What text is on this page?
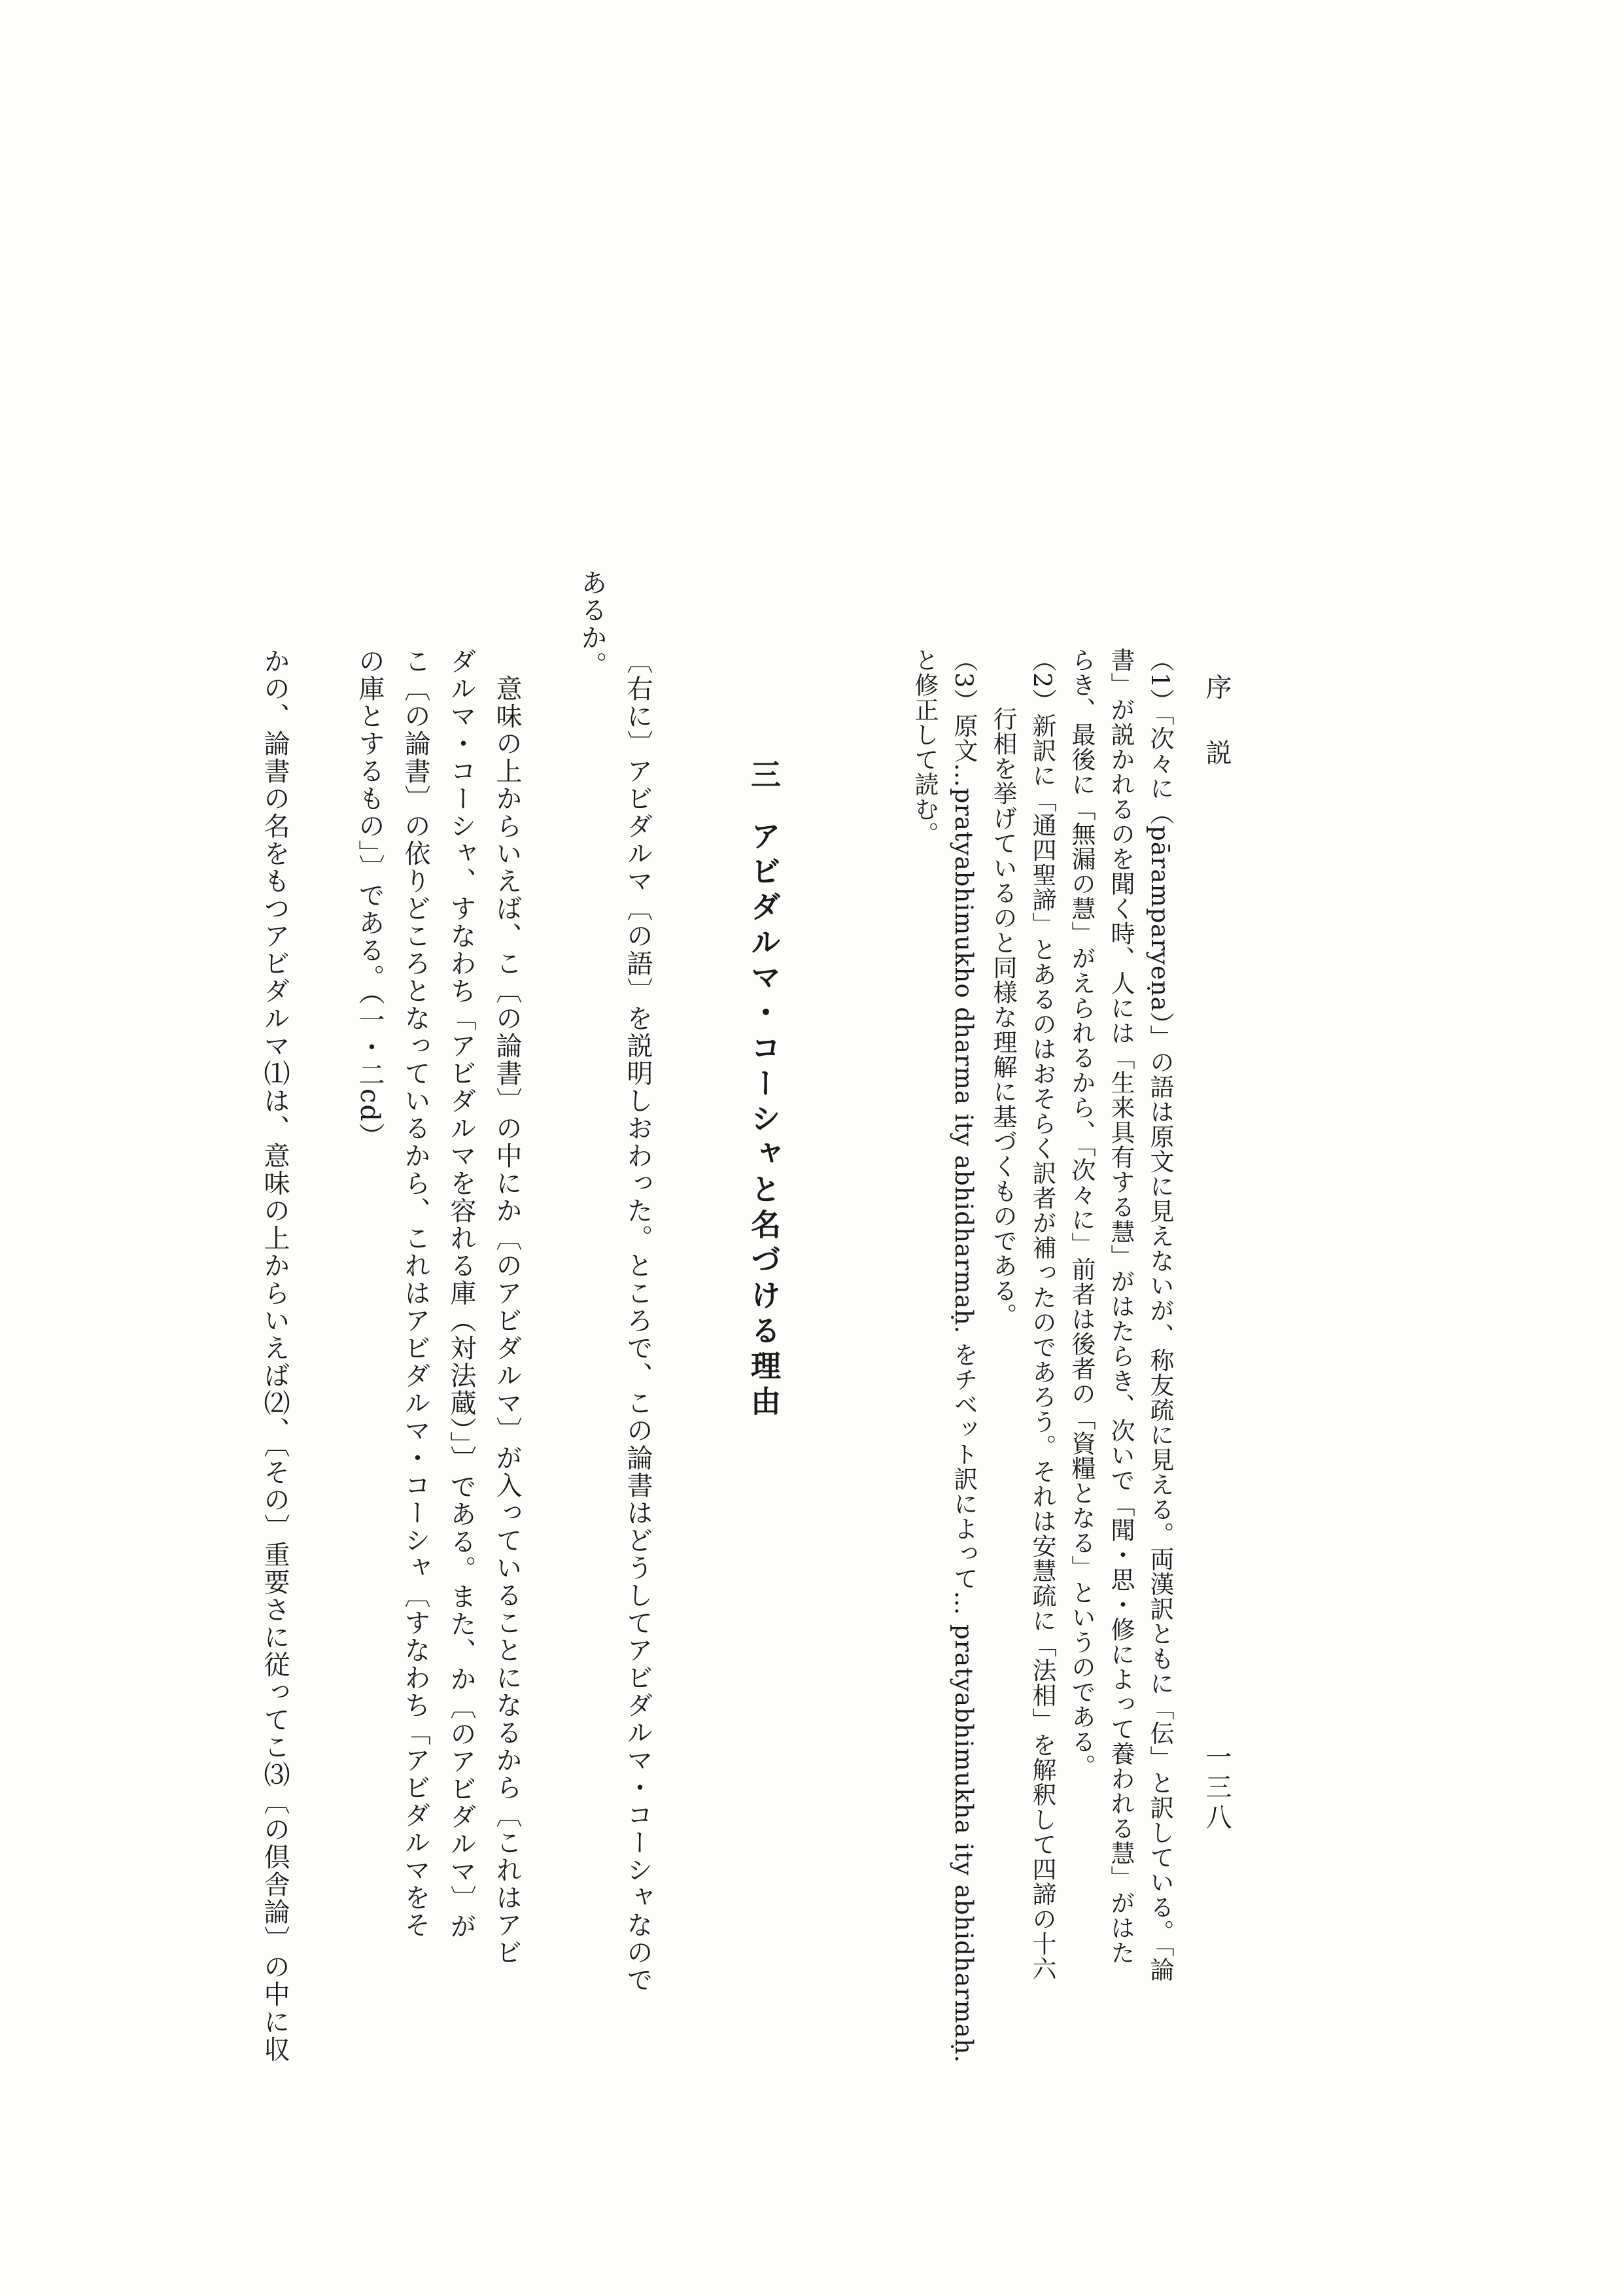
序説
一三八
（1）「次々に（pāramparyeṇa）」の語は原文に見えないが、称友疏に見える。両漢訳ともに「伝」と訳している。「論
書」が説かれるのを聞く時、人には「生来具有する慧」がはたらき、次いで「聞・思・修によって養われる慧」がはた
らき、最後に「無漏の慧」がえられるから、「次々に」前者は後者の「資糧となる」というのである。
（2）新訳に「通四聖諦」とあるのはおそらく訳者が補ったのであろう。それは安慧疏に「法相」を解釈して四諦の十六
行相を挙げているのと同様な理解に基づくものである。
（3）原文…pratyabhimukho dharma ity abhidharmaḥ. をチベット訳によって… pratyabhimukha ity abhidharmaḥ.
と修正して読む。
三アビダルマ・コーシャと名づける理由
〔右に〕アビダルマ〔の語〕を説明しおわった。ところで、この論書はどうしてアビダルマ・コーシャなので
あるか。
　意味の上からいえば、こ〔の論書〕の中にか〔のアビダルマ〕が入っていることになるから〔これはアビ
ダルマ・コーシャ、すなわち「アビダルマを容れる庫（対法蔵）」〕である。また、か〔のアビダルマ〕が
こ〔の論書〕の依りどころとなっているから、これはアビダルマ・コーシャ〔すなわち「アビダルマをそ
の庫とするもの」〕である。（一・二cd）
かの、論書の名をもつアビダルマ⑴は、意味の上からいえば⑵、〔その〕重要さに従ってこ⑶〔の倶舎論〕の中に収
